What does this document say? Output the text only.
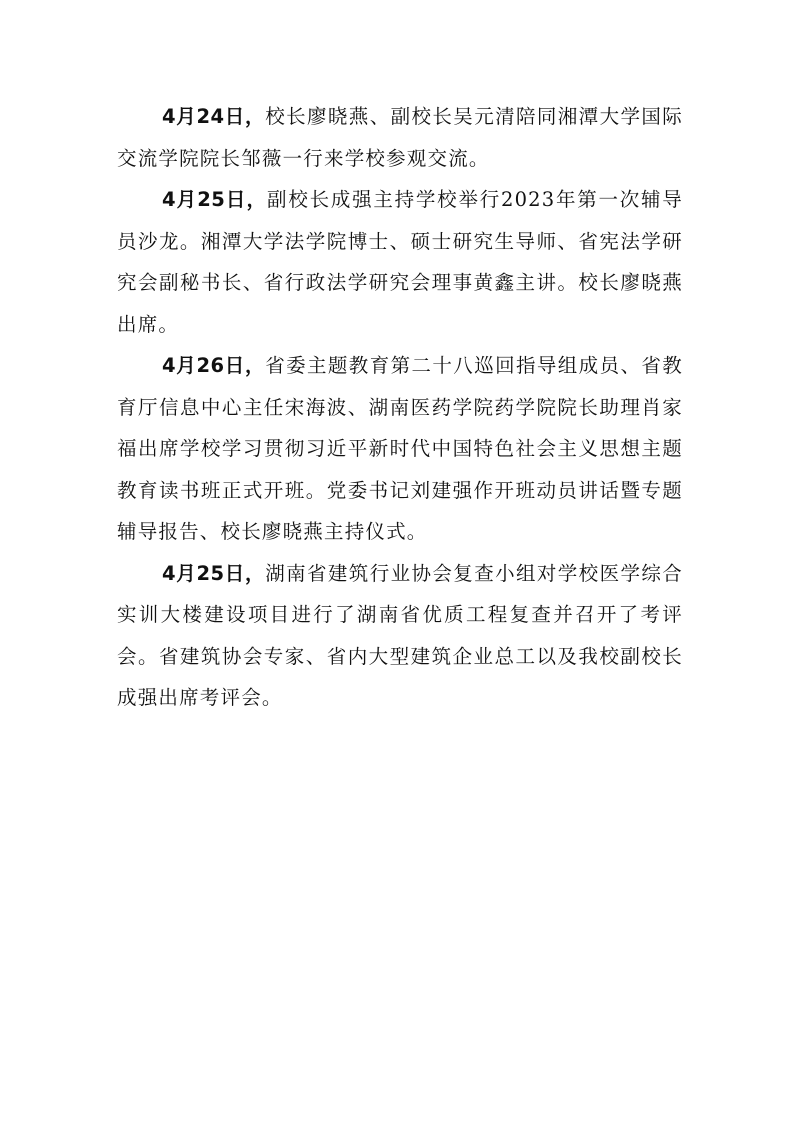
4月24日，校长廖晓燕、副校长吴元清陪同湘潭大学国际交流学院院长邹薇一行来学校参观交流。

4月25日，副校长成强主持学校举行2023年第一次辅导员沙龙。湘潭大学法学院博士、硕士研究生导师、省宪法学研究会副秘书长、省行政法学研究会理事黄鑫主讲。校长廖晓燕出席。

4月26日，省委主题教育第二十八巡回指导组成员、省教育厅信息中心主任宋海波、湖南医药学院药学院院长助理肖家福出席学校学习贯彻习近平新时代中国特色社会主义思想主题教育读书班正式开班。党委书记刘建强作开班动员讲话暨专题辅导报告、校长廖晓燕主持仪式。

4月25日，湖南省建筑行业协会复查小组对学校医学综合实训大楼建设项目进行了湖南省优质工程复查并召开了考评会。省建筑协会专家、省内大型建筑企业总工以及我校副校长成强出席考评会。
